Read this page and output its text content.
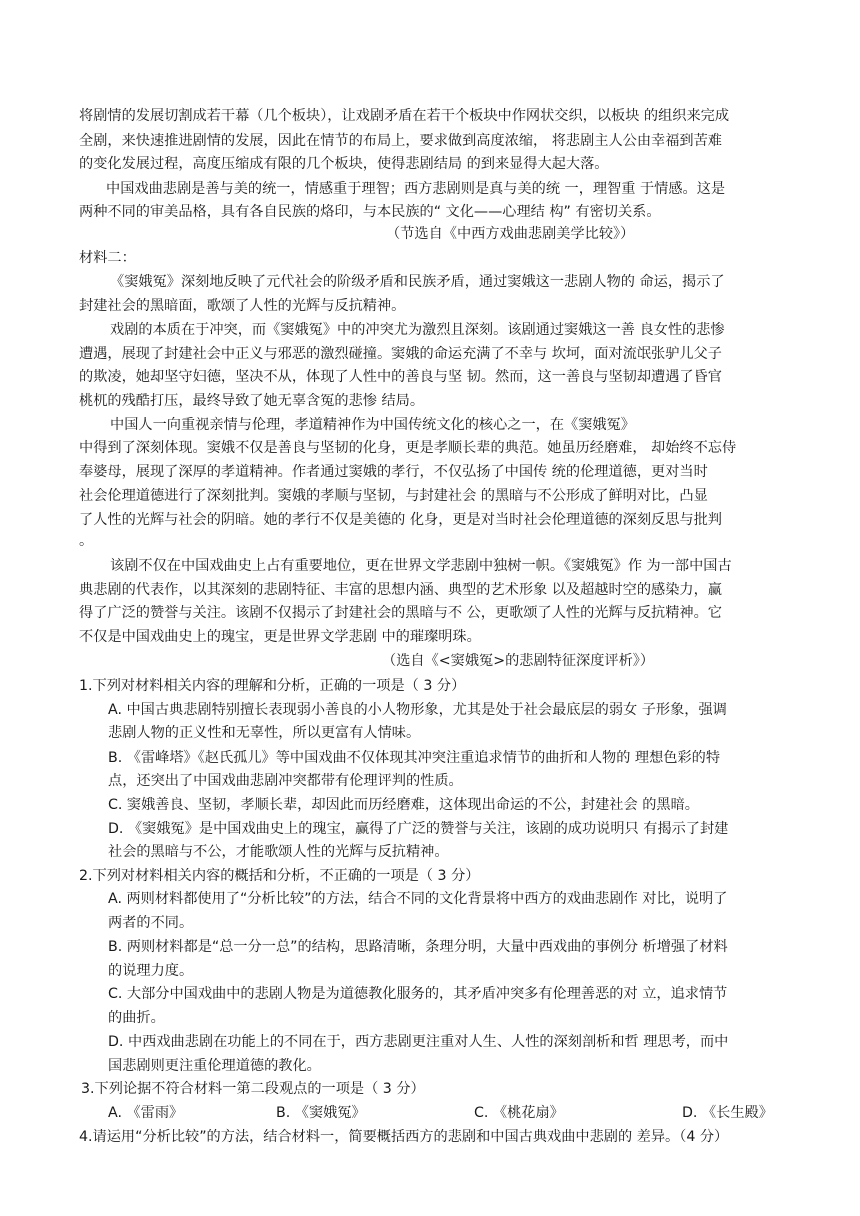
将剧情的发展切割成若干幕（几个板块），让戏剧矛盾在若干个板块中作网状交织，以板块 的组织来完成
全剧，来快速推进剧情的发展，因此在情节的布局上，要求做到高度浓缩， 将悲剧主人公由幸福到苦难
的变化发展过程，高度压缩成有限的几个板块，使得悲剧结局 的到来显得大起大落。
中国戏曲悲剧是善与美的统一，情感重于理智；西方悲剧则是真与美的统 一，理智重 于情感。这是
两种不同的审美品格，具有各自民族的烙印，与本民族的“ 文化——心理结 构” 有密切关系。
（节选自《中西方戏曲悲剧美学比较》）
材料二：
《窦娥冤》深刻地反映了元代社会的阶级矛盾和民族矛盾，通过窦娥这一悲剧人物的 命运，揭示了
封建社会的黑暗面，歌颂了人性的光辉与反抗精神。
戏剧的本质在于冲突，而《窦娥冤》中的冲突尤为激烈且深刻。该剧通过窦娥这一善 良女性的悲惨
遭遇，展现了封建社会中正义与邪恶的激烈碰撞。窦娥的命运充满了不幸与 坎坷，面对流氓张驴儿父子
的欺凌，她却坚守妇德，坚决不从，体现了人性中的善良与坚 韧。然而，这一善良与坚韧却遭遇了昏官
桃杌的残酷打压，最终导致了她无辜含冤的悲惨 结局。
中国人一向重视亲情与伦理，孝道精神作为中国传统文化的核心之一，在《窦娥冤》
中得到了深刻体现。窦娥不仅是善良与坚韧的化身，更是孝顺长辈的典范。她虽历经磨难， 却始终不忘侍
奉婆母，展现了深厚的孝道精神。作者通过窦娥的孝行，不仅弘扬了中国传 统的伦理道德，更对当时
社会伦理道德进行了深刻批判。窦娥的孝顺与坚韧，与封建社会 的黑暗与不公形成了鲜明对比，凸显
了人性的光辉与社会的阴暗。她的孝行不仅是美德的 化身，更是对当时社会伦理道德的深刻反思与批判
。
该剧不仅在中国戏曲史上占有重要地位，更在世界文学悲剧中独树一帜。《窦娥冤》作 为一部中国古
典悲剧的代表作，以其深刻的悲剧特征、丰富的思想内涵、典型的艺术形象 以及超越时空的感染力，赢
得了广泛的赞誉与关注。该剧不仅揭示了封建社会的黑暗与不 公，更歌颂了人性的光辉与反抗精神。它
不仅是中国戏曲史上的瑰宝，更是世界文学悲剧 中的璀璨明珠。
（选自《<窦娥冤>的悲剧特征深度评析》）
1.下列对材料相关内容的理解和分析，正确的一项是（ 3 分）
A. 中国古典悲剧特别擅长表现弱小善良的小人物形象，尤其是处于社会最底层的弱女 子形象，强调
悲剧人物的正义性和无辜性，所以更富有人情味。
B. 《雷峰塔》《赵氏孤儿》等中国戏曲不仅体现其冲突注重追求情节的曲折和人物的 理想色彩的特
点，还突出了中国戏曲悲剧冲突都带有伦理评判的性质。
C. 窦娥善良、坚韧，孝顺长辈，却因此而历经磨难，这体现出命运的不公，封建社会 的黑暗。
D. 《窦娥冤》是中国戏曲史上的瑰宝，赢得了广泛的赞誉与关注，该剧的成功说明只 有揭示了封建
社会的黑暗与不公，才能歌颂人性的光辉与反抗精神。
2.下列对材料相关内容的概括和分析，不正确的一项是（ 3 分）
A. 两则材料都使用了“分析比较”的方法，结合不同的文化背景将中西方的戏曲悲剧作 对比，说明了
两者的不同。
B. 两则材料都是“总一分一总”的结构，思路清晰，条理分明，大量中西戏曲的事例分 析增强了材料
的说理力度。
C. 大部分中国戏曲中的悲剧人物是为道德教化服务的，其矛盾冲突多有伦理善恶的对 立，追求情节
的曲折。
D. 中西戏曲悲剧在功能上的不同在于，西方悲剧更注重对人生、人性的深刻剖析和哲 理思考，而中
国悲剧则更注重伦理道德的教化。
3.下列论据不符合材料一第二段观点的一项是（ 3 分）
A. 《雷雨》	B. 《窦娥冤》	C. 《桃花扇》	D. 《长生殿》
4.请运用“分析比较”的方法，结合材料一，简要概括西方的悲剧和中国古典戏曲中悲剧的 差异。（4 分）
